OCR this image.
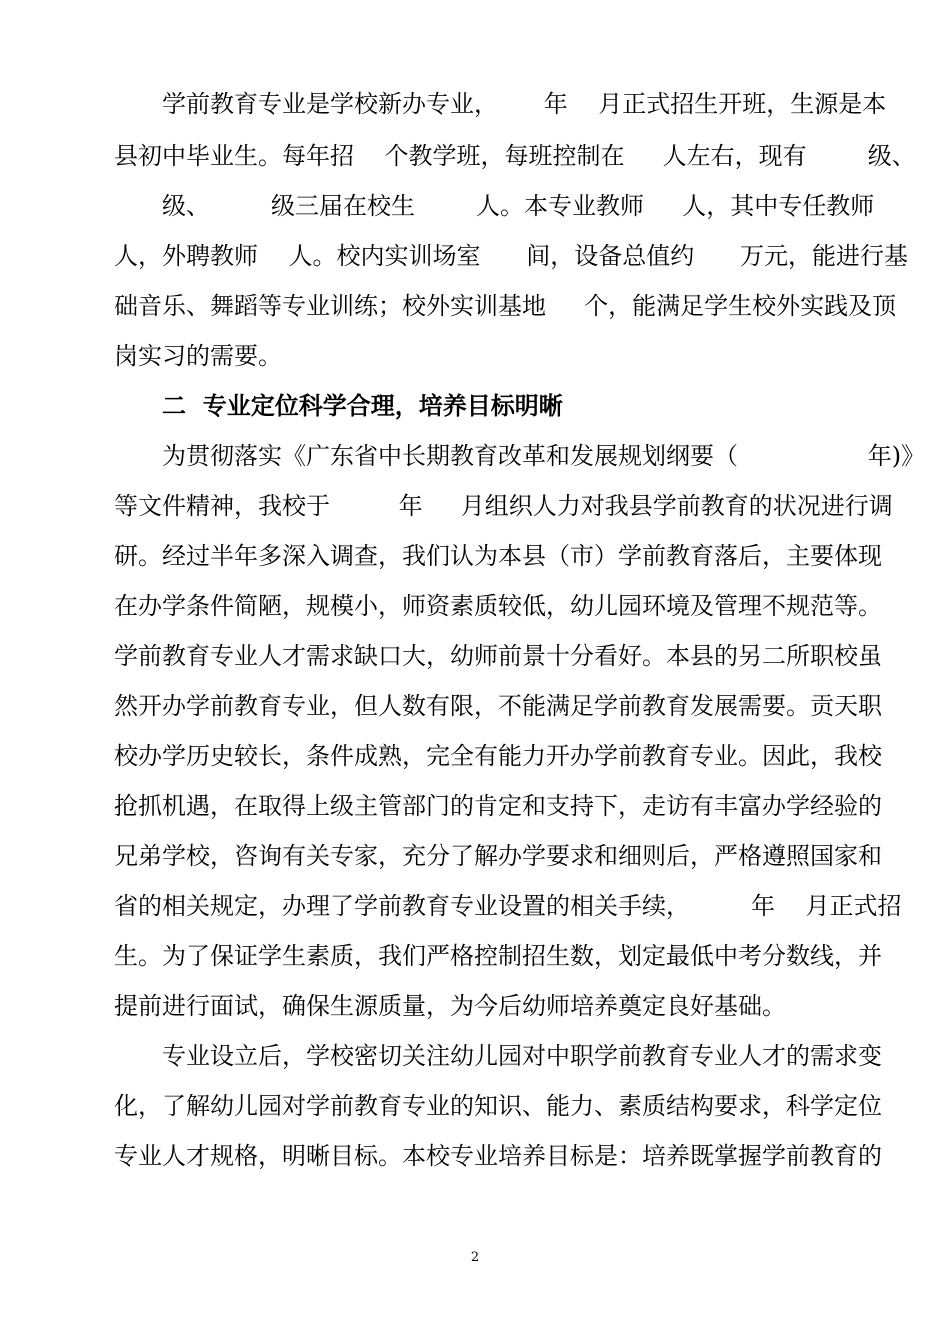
学前教育专业是学校新办专业，      年    月正式招生开班，生源是本
县初中毕业生。每年招    个教学班，每班控制在     人左右，现有        级、
级、        级三届在校生        人。本专业教师     人，其中专任教师
人，外聘教师    人。校内实训场室      间，设备总值约      万元，能进行基
础音乐、舞蹈等专业训练；校外实训基地     个，能满足学生校外实践及顶
岗实习的需要。
二  专业定位科学合理，培养目标明晰
为贯彻落实《广东省中长期教育改革和发展规划纲要（                 年)》
等文件精神，我校于         年     月组织人力对我县学前教育的状况进行调
研。经过半年多深入调查，我们认为本县（市）学前教育落后，主要体现
在办学条件简陋，规模小，师资素质较低，幼儿园环境及管理不规范等。
学前教育专业人才需求缺口大，幼师前景十分看好。本县的另二所职校虽
然开办学前教育专业，但人数有限，不能满足学前教育发展需要。贡天职
校办学历史较长，条件成熟，完全有能力开办学前教育专业。因此，我校
抢抓机遇，在取得上级主管部门的肯定和支持下，走访有丰富办学经验的
兄弟学校，咨询有关专家，充分了解办学要求和细则后，严格遵照国家和
省的相关规定，办理了学前教育专业设置的相关手续，        年    月正式招
生。为了保证学生素质，我们严格控制招生数，划定最低中考分数线，并
提前进行面试，确保生源质量，为今后幼师培养奠定良好基础。
专业设立后，学校密切关注幼儿园对中职学前教育专业人才的需求变
化，了解幼儿园对学前教育专业的知识、能力、素质结构要求，科学定位
专业人才规格，明晰目标。本校专业培养目标是：培养既掌握学前教育的
2
